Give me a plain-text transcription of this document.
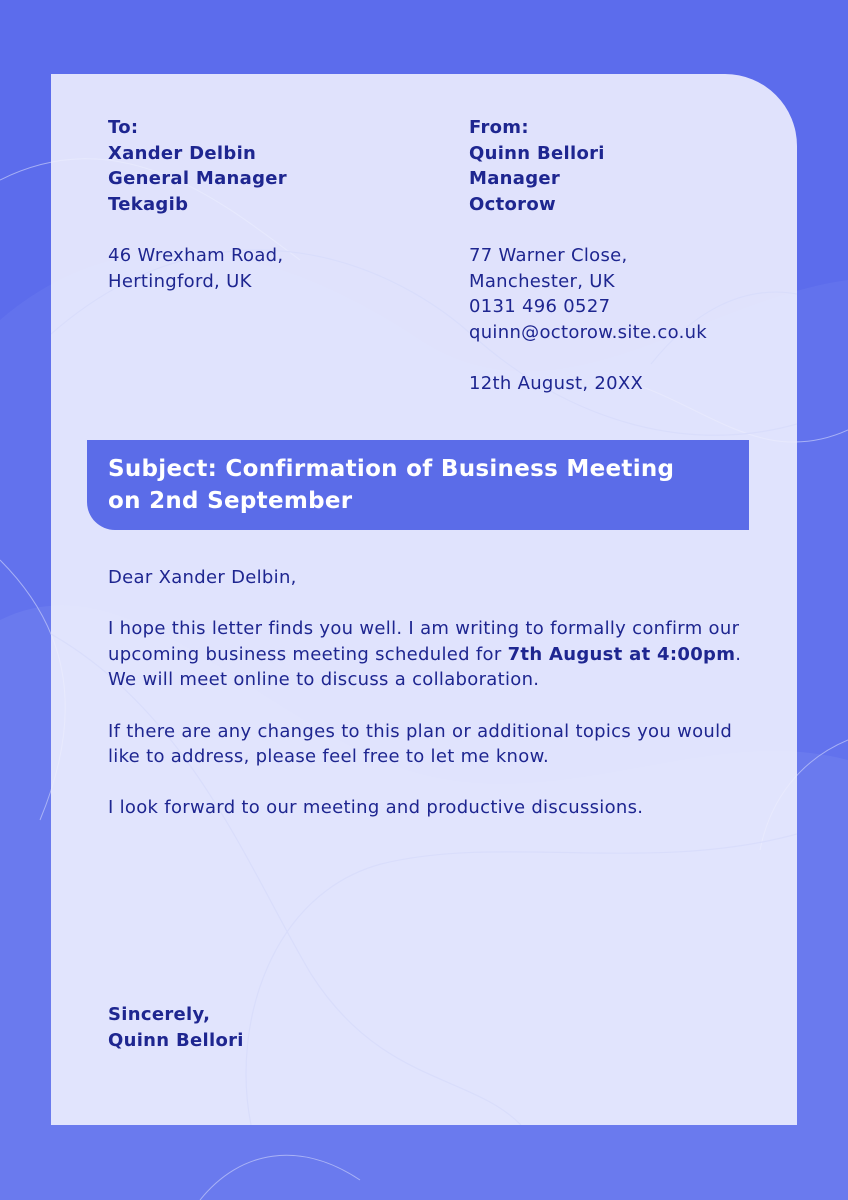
To:
Xander Delbin
General Manager
Tekagib
46 Wrexham Road,
Hertingford, UK
From:
Quinn Bellori
Manager
Octorow
77 Warner Close,
Manchester, UK
0131 496 0527
quinn@octorow.site.co.uk
12th August, 20XX
Subject: Confirmation of Business Meeting
on 2nd September

Dear Xander Delbin,

I hope this letter finds you well. I am writing to formally confirm our upcoming business meeting scheduled for 7th August at 4:00pm. We will meet online to discuss a collaboration.

If there are any changes to this plan or additional topics you would like to address, please feel free to let me know.

I look forward to our meeting and productive discussions.

Sincerely,
Quinn Bellori
